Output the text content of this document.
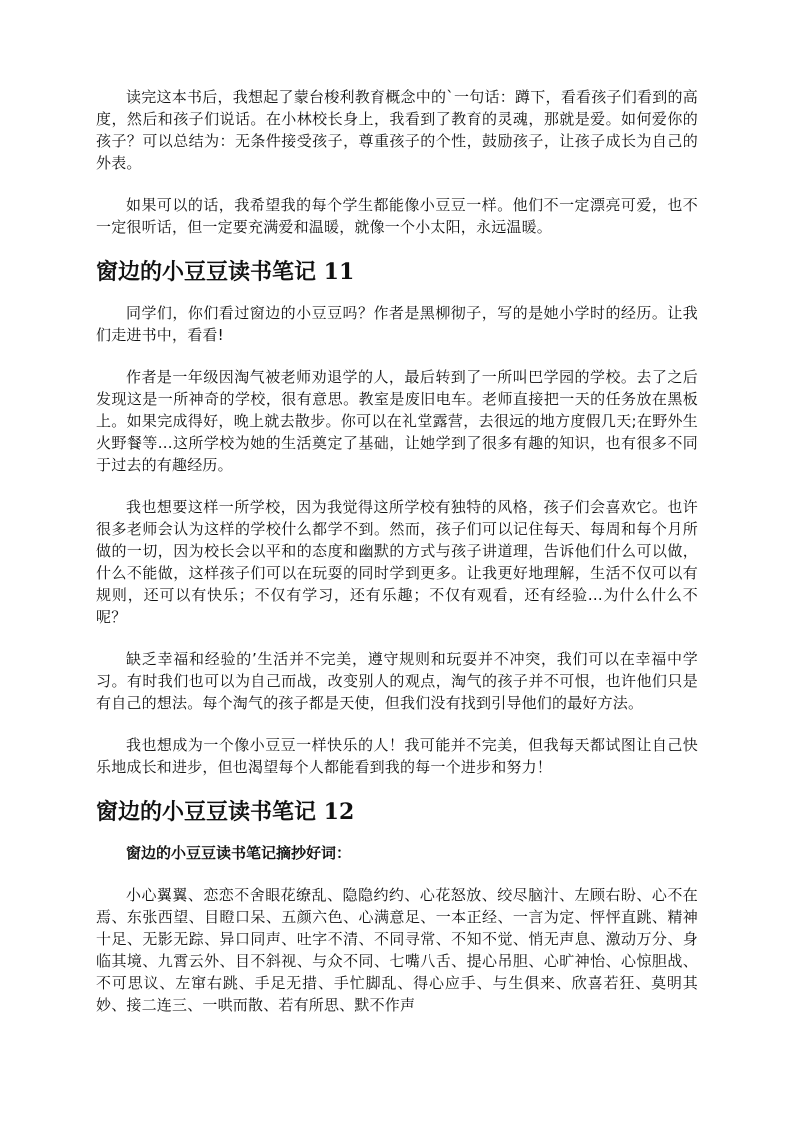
读完这本书后，我想起了蒙台梭利教育概念中的`一句话：蹲下，看看孩子们看到的高度，然后和孩子们说话。在小林校长身上，我看到了教育的灵魂，那就是爱。如何爱你的孩子？可以总结为：无条件接受孩子，尊重孩子的个性，鼓励孩子，让孩子成长为自己的外表。

如果可以的话，我希望我的每个学生都能像小豆豆一样。他们不一定漂亮可爱，也不一定很听话，但一定要充满爱和温暖，就像一个小太阳，永远温暖。

窗边的小豆豆读书笔记 11

同学们，你们看过窗边的小豆豆吗？作者是黑柳彻子，写的是她小学时的经历。让我们走进书中，看看!

作者是一年级因淘气被老师劝退学的人，最后转到了一所叫巴学园的学校。去了之后发现这是一所神奇的学校，很有意思。教室是废旧电车。老师直接把一天的任务放在黑板上。如果完成得好，晚上就去散步。你可以在礼堂露营，去很远的地方度假几天;在野外生火野餐等...这所学校为她的生活奠定了基础，让她学到了很多有趣的知识，也有很多不同于过去的有趣经历。

我也想要这样一所学校，因为我觉得这所学校有独特的风格，孩子们会喜欢它。也许很多老师会认为这样的学校什么都学不到。然而，孩子们可以记住每天、每周和每个月所做的一切，因为校长会以平和的态度和幽默的方式与孩子讲道理，告诉他们什么可以做，什么不能做，这样孩子们可以在玩耍的同时学到更多。让我更好地理解，生活不仅可以有规则，还可以有快乐；不仅有学习，还有乐趣；不仅有观看，还有经验...为什么什么不呢？

缺乏幸福和经验的’生活并不完美，遵守规则和玩耍并不冲突，我们可以在幸福中学习。有时我们也可以为自己而战，改变别人的观点，淘气的孩子并不可恨，也许他们只是有自己的想法。每个淘气的孩子都是天使，但我们没有找到引导他们的最好方法。

我也想成为一个像小豆豆一样快乐的人！我可能并不完美，但我每天都试图让自己快乐地成长和进步，但也渴望每个人都能看到我的每一个进步和努力！

窗边的小豆豆读书笔记 12

窗边的小豆豆读书笔记摘抄好词：

小心翼翼、恋恋不舍眼花缭乱、隐隐约约、心花怒放、绞尽脑汁、左顾右盼、心不在焉、东张西望、目瞪口呆、五颜六色、心满意足、一本正经、一言为定、怦怦直跳、精神十足、无影无踪、异口同声、吐字不清、不同寻常、不知不觉、悄无声息、激动万分、身临其境、九霄云外、目不斜视、与众不同、七嘴八舌、提心吊胆、心旷神怡、心惊胆战、不可思议、左窜右跳、手足无措、手忙脚乱、得心应手、与生俱来、欣喜若狂、莫明其妙、接二连三、一哄而散、若有所思、默不作声
